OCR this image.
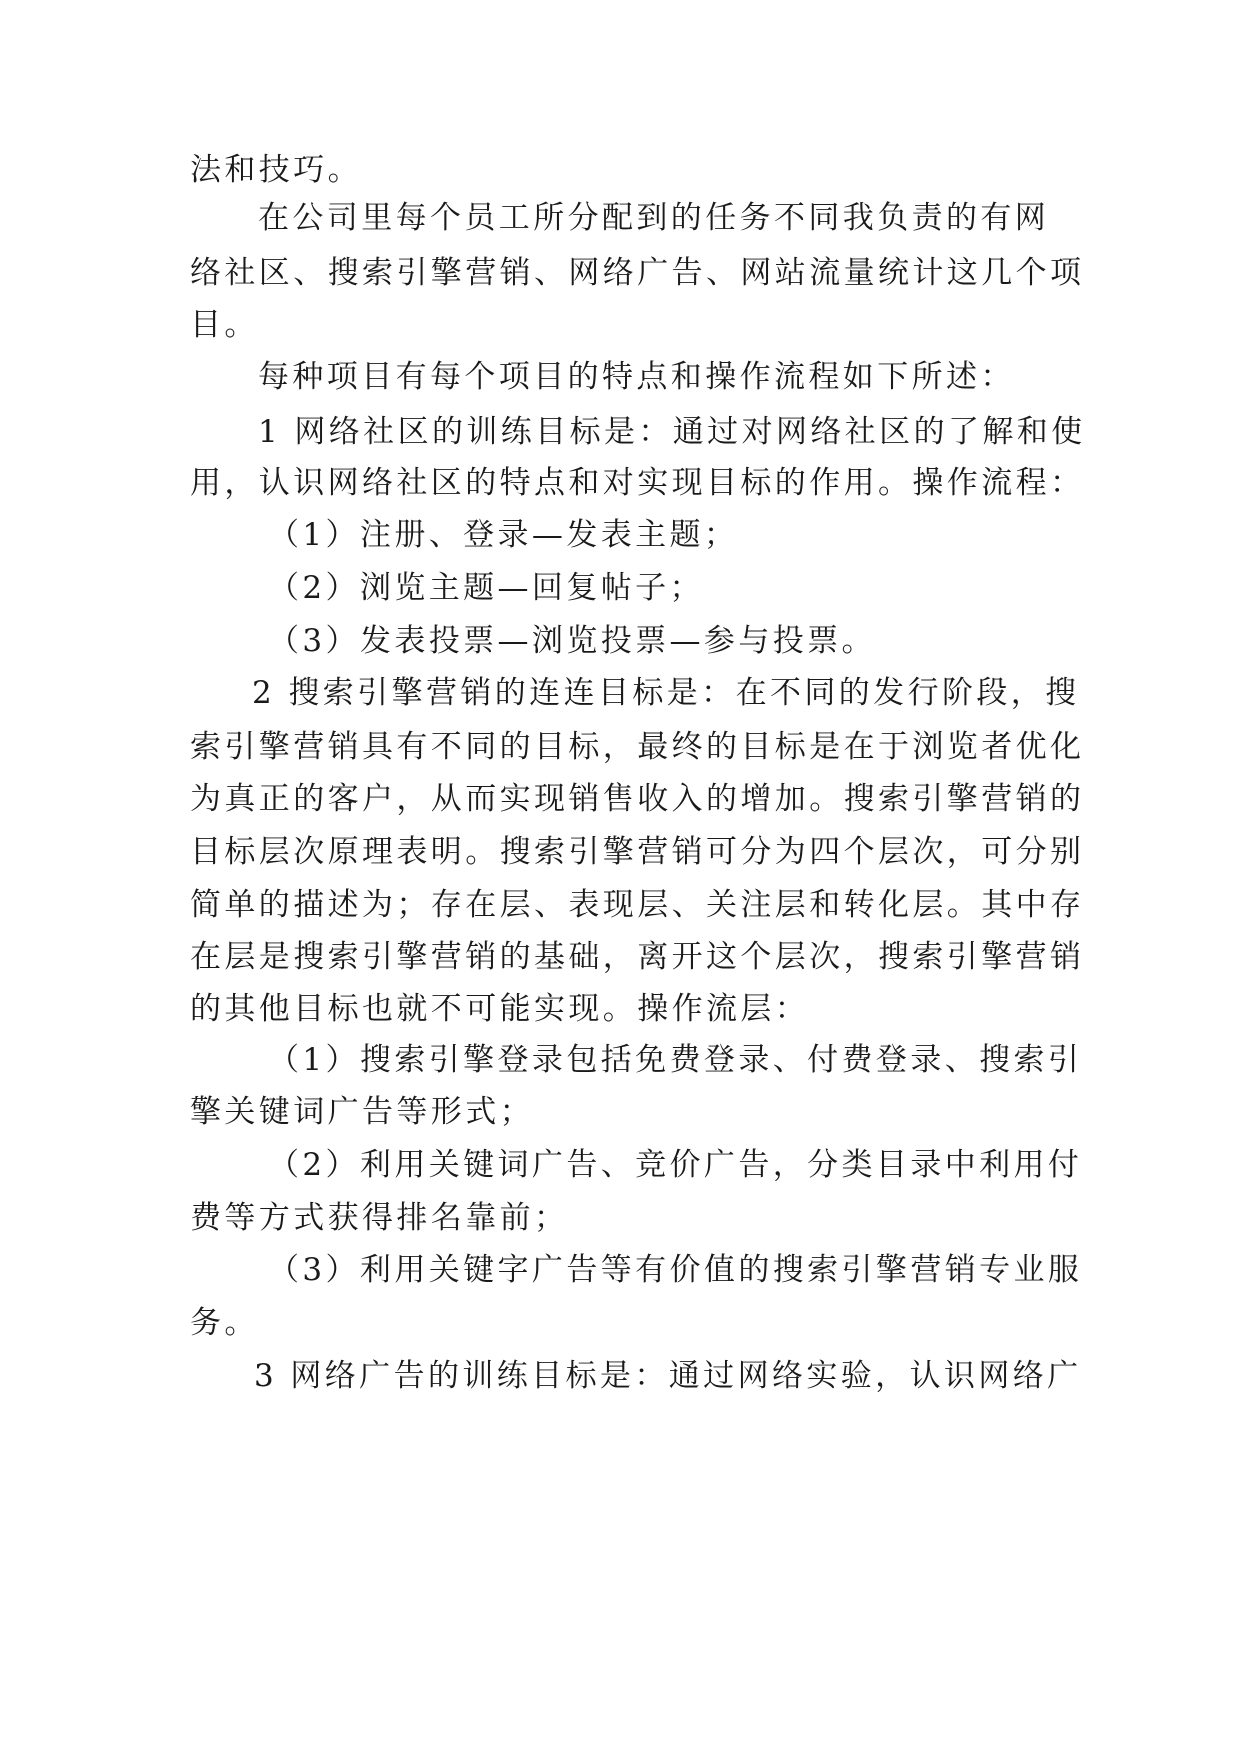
法和技巧。
在公司里每个员工所分配到的任务不同我负责的有网
络社区、搜索引擎营销、网络广告、网站流量统计这几个项
目。
每种项目有每个项目的特点和操作流程如下所述：
1 网络社区的训练目标是：通过对网络社区的了解和使
用，认识网络社区的特点和对实现目标的作用。操作流程：
（1）注册、登录—发表主题；
（2）浏览主题—回复帖子；
（3）发表投票—浏览投票—参与投票。
2 搜索引擎营销的连连目标是：在不同的发行阶段，搜
索引擎营销具有不同的目标，最终的目标是在于浏览者优化
为真正的客户，从而实现销售收入的增加。搜索引擎营销的
目标层次原理表明。搜索引擎营销可分为四个层次，可分别
简单的描述为；存在层、表现层、关注层和转化层。其中存
在层是搜索引擎营销的基础，离开这个层次，搜索引擎营销
的其他目标也就不可能实现。操作流层：
（1）搜索引擎登录包括免费登录、付费登录、搜索引
擎关键词广告等形式；
（2）利用关键词广告、竞价广告，分类目录中利用付
费等方式获得排名靠前；
（3）利用关键字广告等有价值的搜索引擎营销专业服
务。
3 网络广告的训练目标是：通过网络实验，认识网络广
